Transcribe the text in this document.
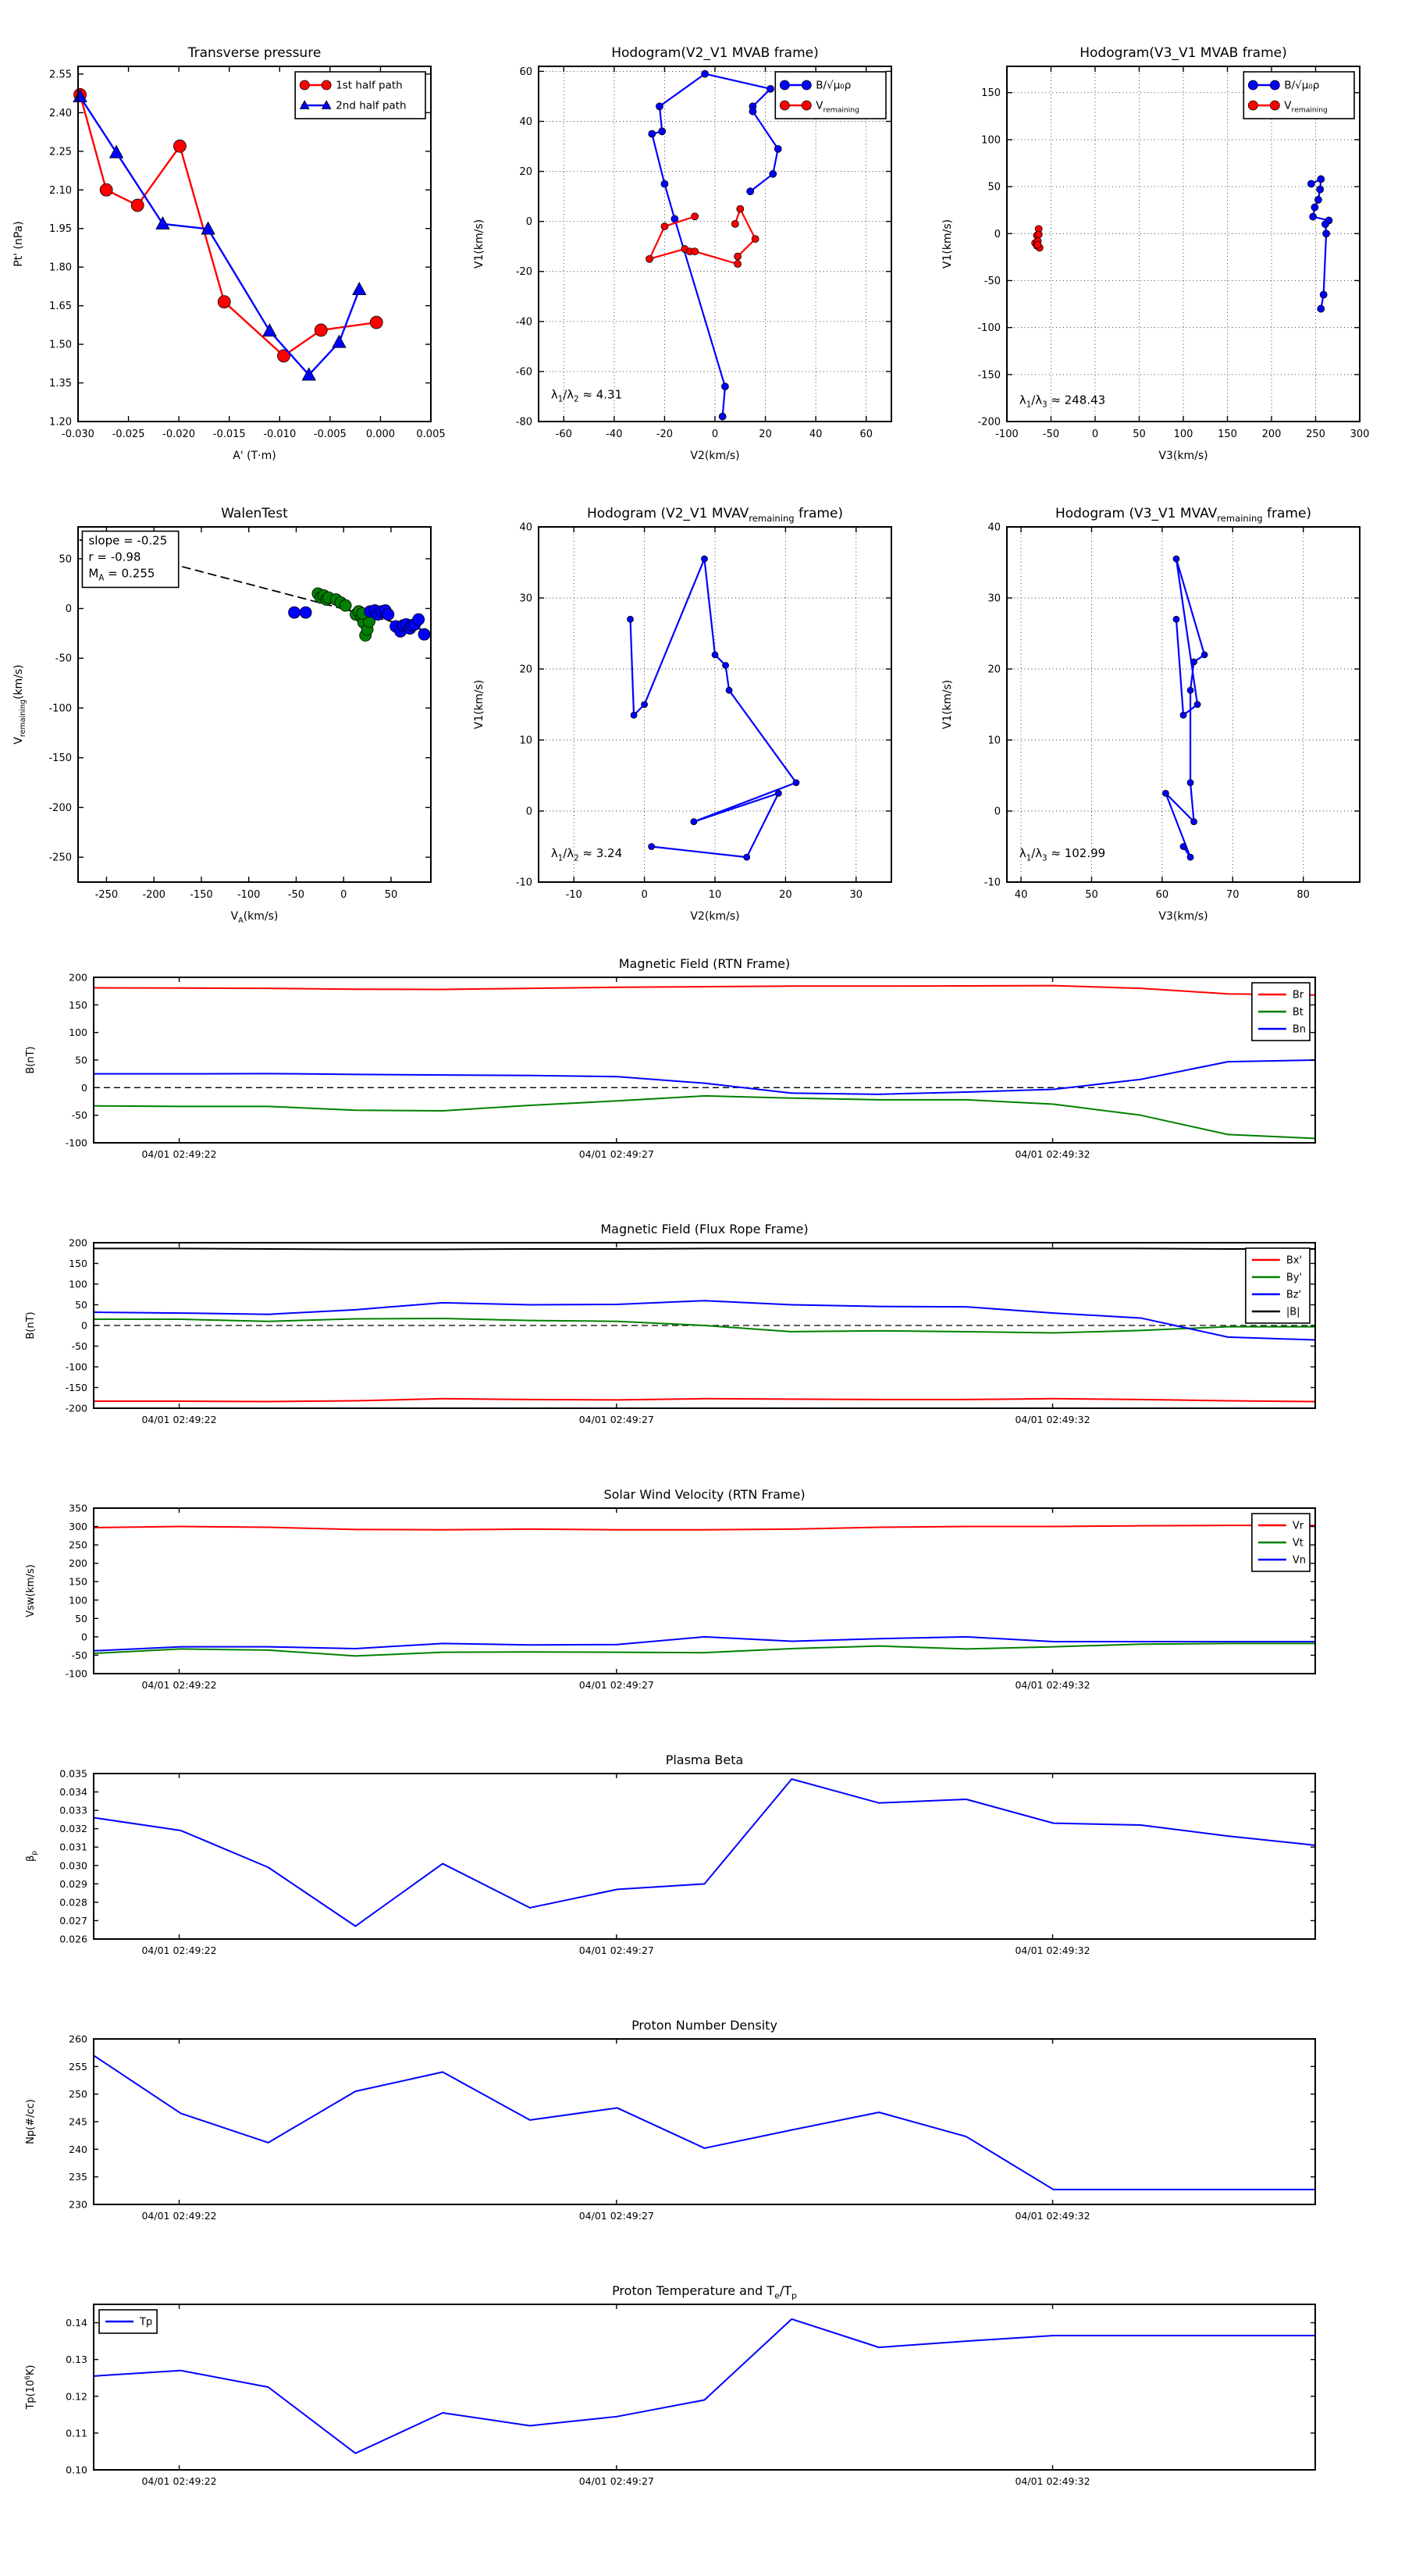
-0.030 -0.025 -0.020 -0.015 -0.010 -0.005 0.000 0.005
1.20
1.35
1.50
1.65
1.80
1.95
2.10
2.25
2.40
2.55
Transverse pressure
A' (T·m)
Pt' (nPa)
1st half path
2nd half path
-60	-40	-20	0	20	40	60
-80
-60
-40
-20
0
20
40
60
Hodogram(V2_V1 MVAB frame)
V2(km/s)
V1(km/s)
B/√μ₀ρ
$V_{remaining}$
$\lambda_1/\lambda_2 \approx 4.31$
-100 -50	0	50	100 150 200 250 300
-200
-150
-100
-50
0
50
100
150
Hodogram(V3_V1 MVAB frame)
V3(km/s)
V1(km/s)
B/√μ₀ρ
$V_{remaining}$
$\lambda_1/\lambda_3 \approx 248.43$
-250 -200 -150 -100	-50	0	50
-250
-200
-150
-100
-50
0
50
WalenTest
$V_A(km/s)$
$V_{remaining}(km/s)$
slope = -0.25
r = -0.98
$M_A = 0.255$
-10	0	10	20	30
-10
0
10
20
30
40
Hodogram (V2_V1 $MVAV_{remaining}$ frame)
V2(km/s)
V1(km/s)
$\lambda_1/\lambda_2 \approx 3.24$
40	50	60	70	80
-10
0
10
20
30
40
Hodogram (V3_V1 $MVAV_{remaining}$ frame)
V3(km/s)
V1(km/s)
$\lambda_1/\lambda_3 \approx 102.99$
04/01 02:49:22	04/01 02:49:27	04/01 02:49:32
-100
-50
0
50
100
150
200
Magnetic Field (RTN Frame)
B(nT)
Br
Bt
Bn
04/01 02:49:22	04/01 02:49:27	04/01 02:49:32
-200
-150
-100
-50
0
50
100
150
200
Magnetic Field (Flux Rope Frame)
B(nT)
Bx'
By'
Bz'
|B|
04/01 02:49:22	04/01 02:49:27	04/01 02:49:32
-100
-50
0
50
100
150
200
250
300
350
Solar Wind Velocity (RTN Frame)
Vsw(km/s)
Vr
Vt
Vn
04/01 02:49:22	04/01 02:49:27	04/01 02:49:32
0.026
0.027
0.028
0.029
0.030
0.031
0.032
0.033
0.034
0.035
Plasma Beta
$\beta_p$
04/01 02:49:22	04/01 02:49:27	04/01 02:49:32
230
235
240
245
250
255
260
Proton Number Density
Np(#/cc)
04/01 02:49:22	04/01 02:49:27	04/01 02:49:32
0.10
0.11
0.12
0.13
0.14
Proton Temperature and $T_e/T_p$
$Tp(10^6K)$
Tp
